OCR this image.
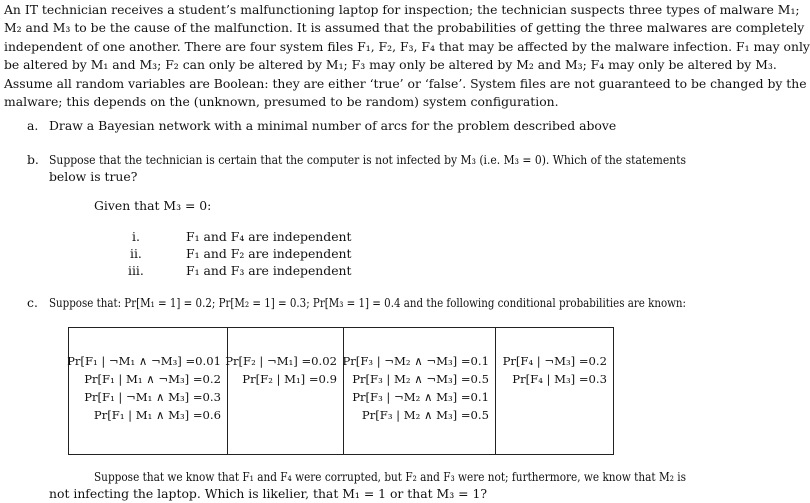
An IT technician receives a student’s malfunctioning laptop for inspection; the technician suspects three types of malware M₁;

M₂ and M₃ to be the cause of the malfunction. It is assumed that the probabilities of getting the three malwares are completely

independent of one another. There are four system files F₁, F₂, F₃, F₄ that may be affected by the malware infection. F₁ may only

be altered by M₁ and M₃; F₂ can only be altered by M₁; F₃ may only be altered by M₂ and M₃; F₄ may only be altered by M₃.

Assume all random variables are Boolean: they are either ‘true’ or ‘false’. System files are not guaranteed to be changed by the

malware; this depends on the (unknown, presumed to be random) system configuration.

a. Draw a Bayesian network with a minimal number of arcs for the problem described above
b. Suppose that the technician is certain that the computer is not infected by M₃ (i.e. M₃ = 0). Which of the statements
below is true?
Given that M₃ = 0:
i.	F₁ and F₄ are independent
ii.	F₁ and F₂ are independent
iii.	F₁ and F₃ are independent
c. Suppose that: Pr[M₁ = 1] = 0.2; Pr[M₂ = 1] = 0.3; Pr[M₃ = 1] = 0.4 and the following conditional probabilities are known:
Pr[F₁ | ¬M₁ ∧ ¬M₃] =0.01
Pr[F₁ | M₁ ∧ ¬M₃] =0.2
Pr[F₁ | ¬M₁ ∧ M₃] =0.3
Pr[F₁ | M₁ ∧ M₃] =0.6

Pr[F₂ | ¬M₁] =0.02
Pr[F₂ | M₁] =0.9

Pr[F₃ | ¬M₂ ∧ ¬M₃] =0.1
Pr[F₃ | M₂ ∧ ¬M₃] =0.5
Pr[F₃ | ¬M₂ ∧ M₃] =0.1
Pr[F₃ | M₂ ∧ M₃] =0.5

Pr[F₄ | ¬M₃] =0.2
Pr[F₄ | M₃] =0.3
Suppose that we know that F₁ and F₄ were corrupted, but F₂ and F₃ were not; furthermore, we know that M₂ is
not infecting the laptop. Which is likelier, that M₁ = 1 or that M₃ = 1?
